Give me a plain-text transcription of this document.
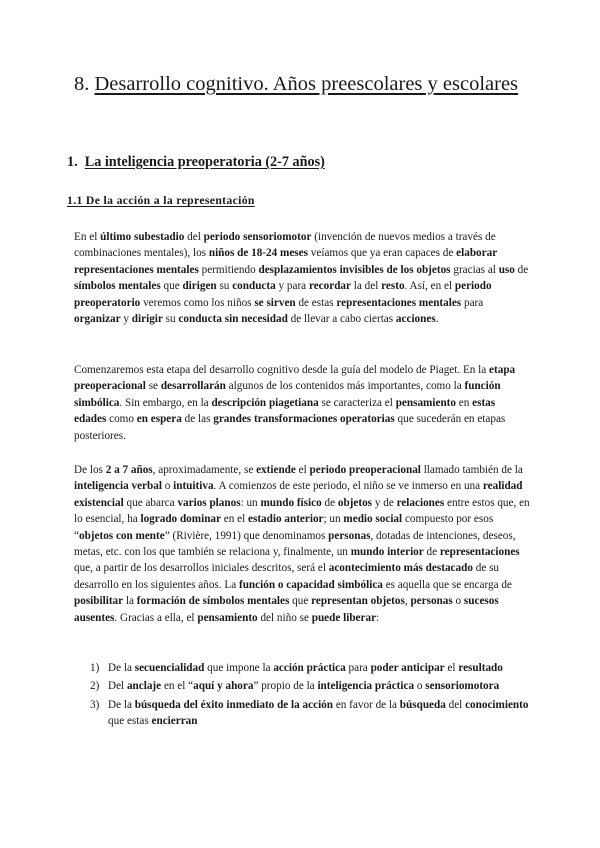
8. Desarrollo cognitivo. Años preescolares y escolares
1. La inteligencia preoperatoria (2-7 años)
1.1 De la acción a la representación

En el último subestadio del periodo sensoriomotor (invención de nuevos medios a través de combinaciones mentales), los niños de 18-24 meses veíamos que ya eran capaces de elaborar representaciones mentales permitiendo desplazamientos invisibles de los objetos gracias al uso de símbolos mentales que dirigen su conducta y para recordar la del resto. Así, en el periodo preoperatorio veremos como los niños se sirven de estas representaciones mentales para organizar y dirigir su conducta sin necesidad de llevar a cabo ciertas acciones.

Comenzaremos esta etapa del desarrollo cognitivo desde la guía del modelo de Piaget. En la etapa preoperacional se desarrollarán algunos de los contenidos más importantes, como la función simbólica. Sin embargo, en la descripción piagetiana se caracteriza el pensamiento en estas edades como en espera de las grandes transformaciones operatorias que sucederán en etapas posteriores.

De los 2 a 7 años, aproximadamente, se extiende el periodo preoperacional llamado también de la inteligencia verbal o intuitiva. A comienzos de este periodo, el niño se ve inmerso en una realidad existencial que abarca varios planos: un mundo físico de objetos y de relaciones entre estos que, en lo esencial, ha logrado dominar en el estadio anterior; un medio social compuesto por esos “objetos con mente” (Rivière, 1991) que denominamos personas, dotadas de intenciones, deseos, metas, etc. con los que también se relaciona y, finalmente, un mundo interior de representaciones que, a partir de los desarrollos iniciales descritos, será el acontecimiento más destacado de su desarrollo en los siguientes años. La función o capacidad simbólica es aquella que se encarga de posibilitar la formación de símbolos mentales que representan objetos, personas o sucesos ausentes. Gracias a ella, el pensamiento del niño se puede liberar:

1) De la secuencialidad que impone la acción práctica para poder anticipar el resultado
2) Del anclaje en el “aquí y ahora” propio de la inteligencia práctica o sensoriomotora
3) De la búsqueda del éxito inmediato de la acción en favor de la búsqueda del conocimiento que estas encierran
